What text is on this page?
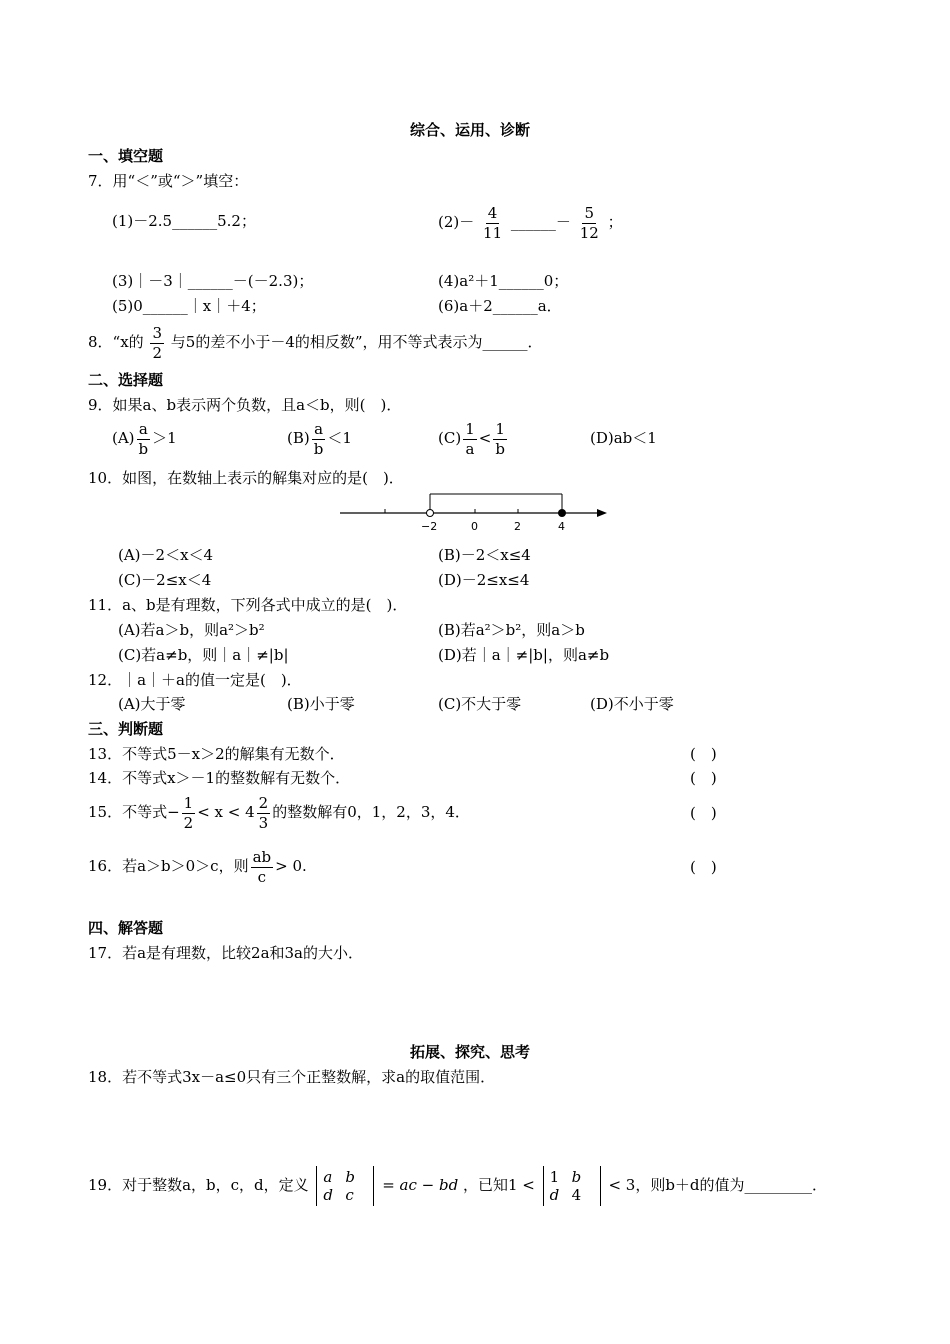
综合、运用、诊断
一、填空题
7．用“＜”或“＞”填空：
(1)－2.5______5.2；	$(2)- \frac{4}{11}$ ______－ $\frac{5}{12}$ ；
(3)｜－3｜______－(－2.3)；	(4)a²＋1______0；
(5)0______｜x｜＋4；	(6)a＋2______a．
8．“x的 $\frac{3}{2}$ 与5的差不小于－4的相反数”，用不等式表示为______．
二、选择题
9．如果a、b表示两个负数，且a＜b，则(　)．
$(A) \frac{a}{b} >1$	$(B) \frac{a}{b} <1$	$(C) \frac{1}{a} < \frac{1}{b}$	(D)ab＜1
10．如图，在数轴上表示的解集对应的是(　)．
−2	0	2	4
(A)－2＜x＜4	(B)－2＜x≤4
(C)－2≤x＜4	(D)－2≤x≤4
11．a、b是有理数，下列各式中成立的是(　)．
(A)若a＞b，则a²＞b²	(B)若a²＞b²，则a＞b
(C)若a≠b，则｜a｜≠|b|	(D)若｜a｜≠|b|，则a≠b
12．｜a｜＋a的值一定是(　)．
(A)大于零	(B)小于零	(C)不大于零	(D)不小于零
三、判断题
13．不等式5－x＞2的解集有无数个．	(　)
14．不等式x＞－1的整数解有无数个．	(　)
15．不等式− $\frac{1}{2} < x < 4 \frac{2}{3}$ 的整数解有0，1，2，3，4．	(　)
16．若a＞b＞0＞c，则 $\frac{ab}{c} > 0$.	(　)
四、解答题
17．若a是有理数，比较2a和3a的大小．
拓展、探究、思考
18．若不等式3x－a≤0只有三个正整数解，求a的取值范围．
19．对于整数a，b，c，d，定义 a b
d c
= ac − bd ，已知1 < 1 b
d 4
< 3，则b＋d的值为_________．
